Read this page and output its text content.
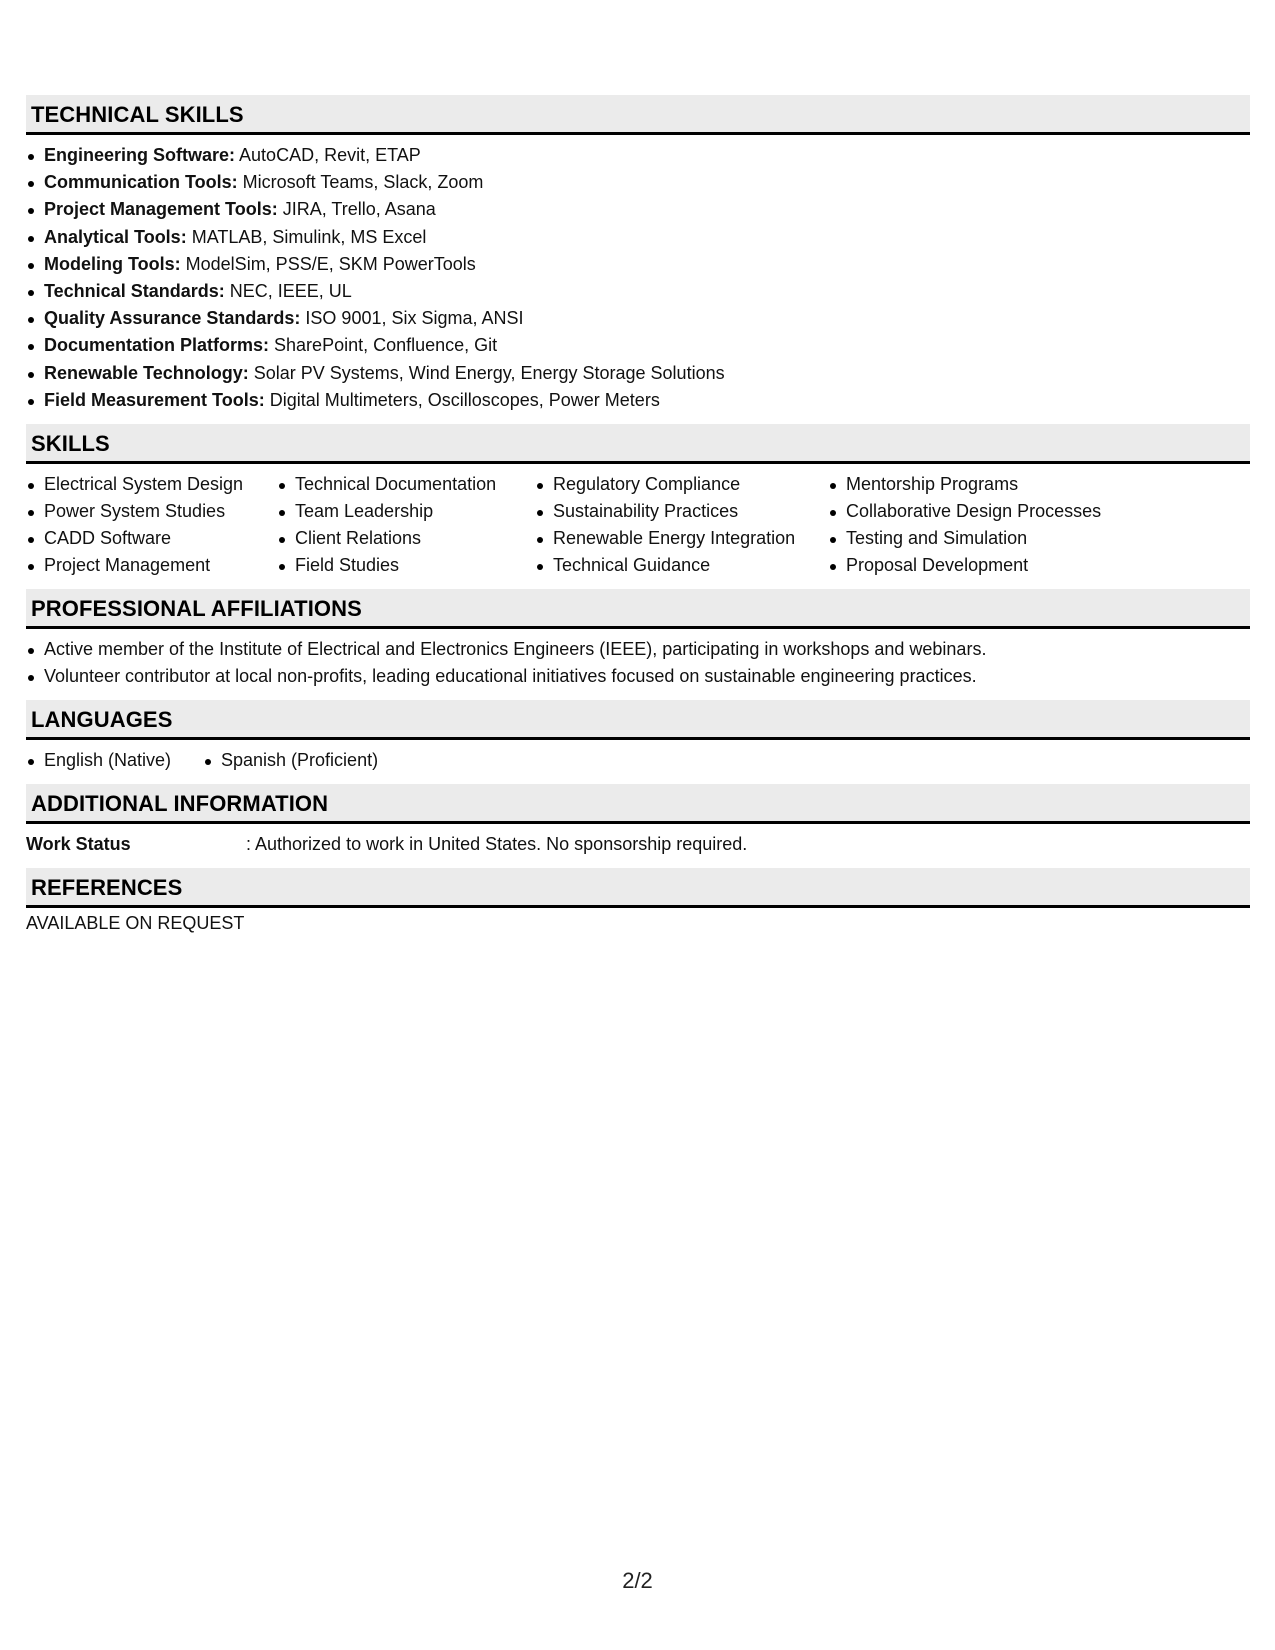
TECHNICAL SKILLS
Engineering Software: AutoCAD, Revit, ETAP
Communication Tools: Microsoft Teams, Slack, Zoom
Project Management Tools: JIRA, Trello, Asana
Analytical Tools: MATLAB, Simulink, MS Excel
Modeling Tools: ModelSim, PSS/E, SKM PowerTools
Technical Standards: NEC, IEEE, UL
Quality Assurance Standards: ISO 9001, Six Sigma, ANSI
Documentation Platforms: SharePoint, Confluence, Git
Renewable Technology: Solar PV Systems, Wind Energy, Energy Storage Solutions
Field Measurement Tools: Digital Multimeters, Oscilloscopes, Power Meters
SKILLS
Electrical System Design
Power System Studies
CADD Software
Project Management
Technical Documentation
Team Leadership
Client Relations
Field Studies
Regulatory Compliance
Sustainability Practices
Renewable Energy Integration
Technical Guidance
Mentorship Programs
Collaborative Design Processes
Testing and Simulation
Proposal Development
PROFESSIONAL AFFILIATIONS
Active member of the Institute of Electrical and Electronics Engineers (IEEE), participating in workshops and webinars.
Volunteer contributor at local non-profits, leading educational initiatives focused on sustainable engineering practices.
LANGUAGES
English (Native)	Spanish (Proficient)
ADDITIONAL INFORMATION
Work Status	: Authorized to work in United States. No sponsorship required.
REFERENCES
AVAILABLE ON REQUEST
2/2
